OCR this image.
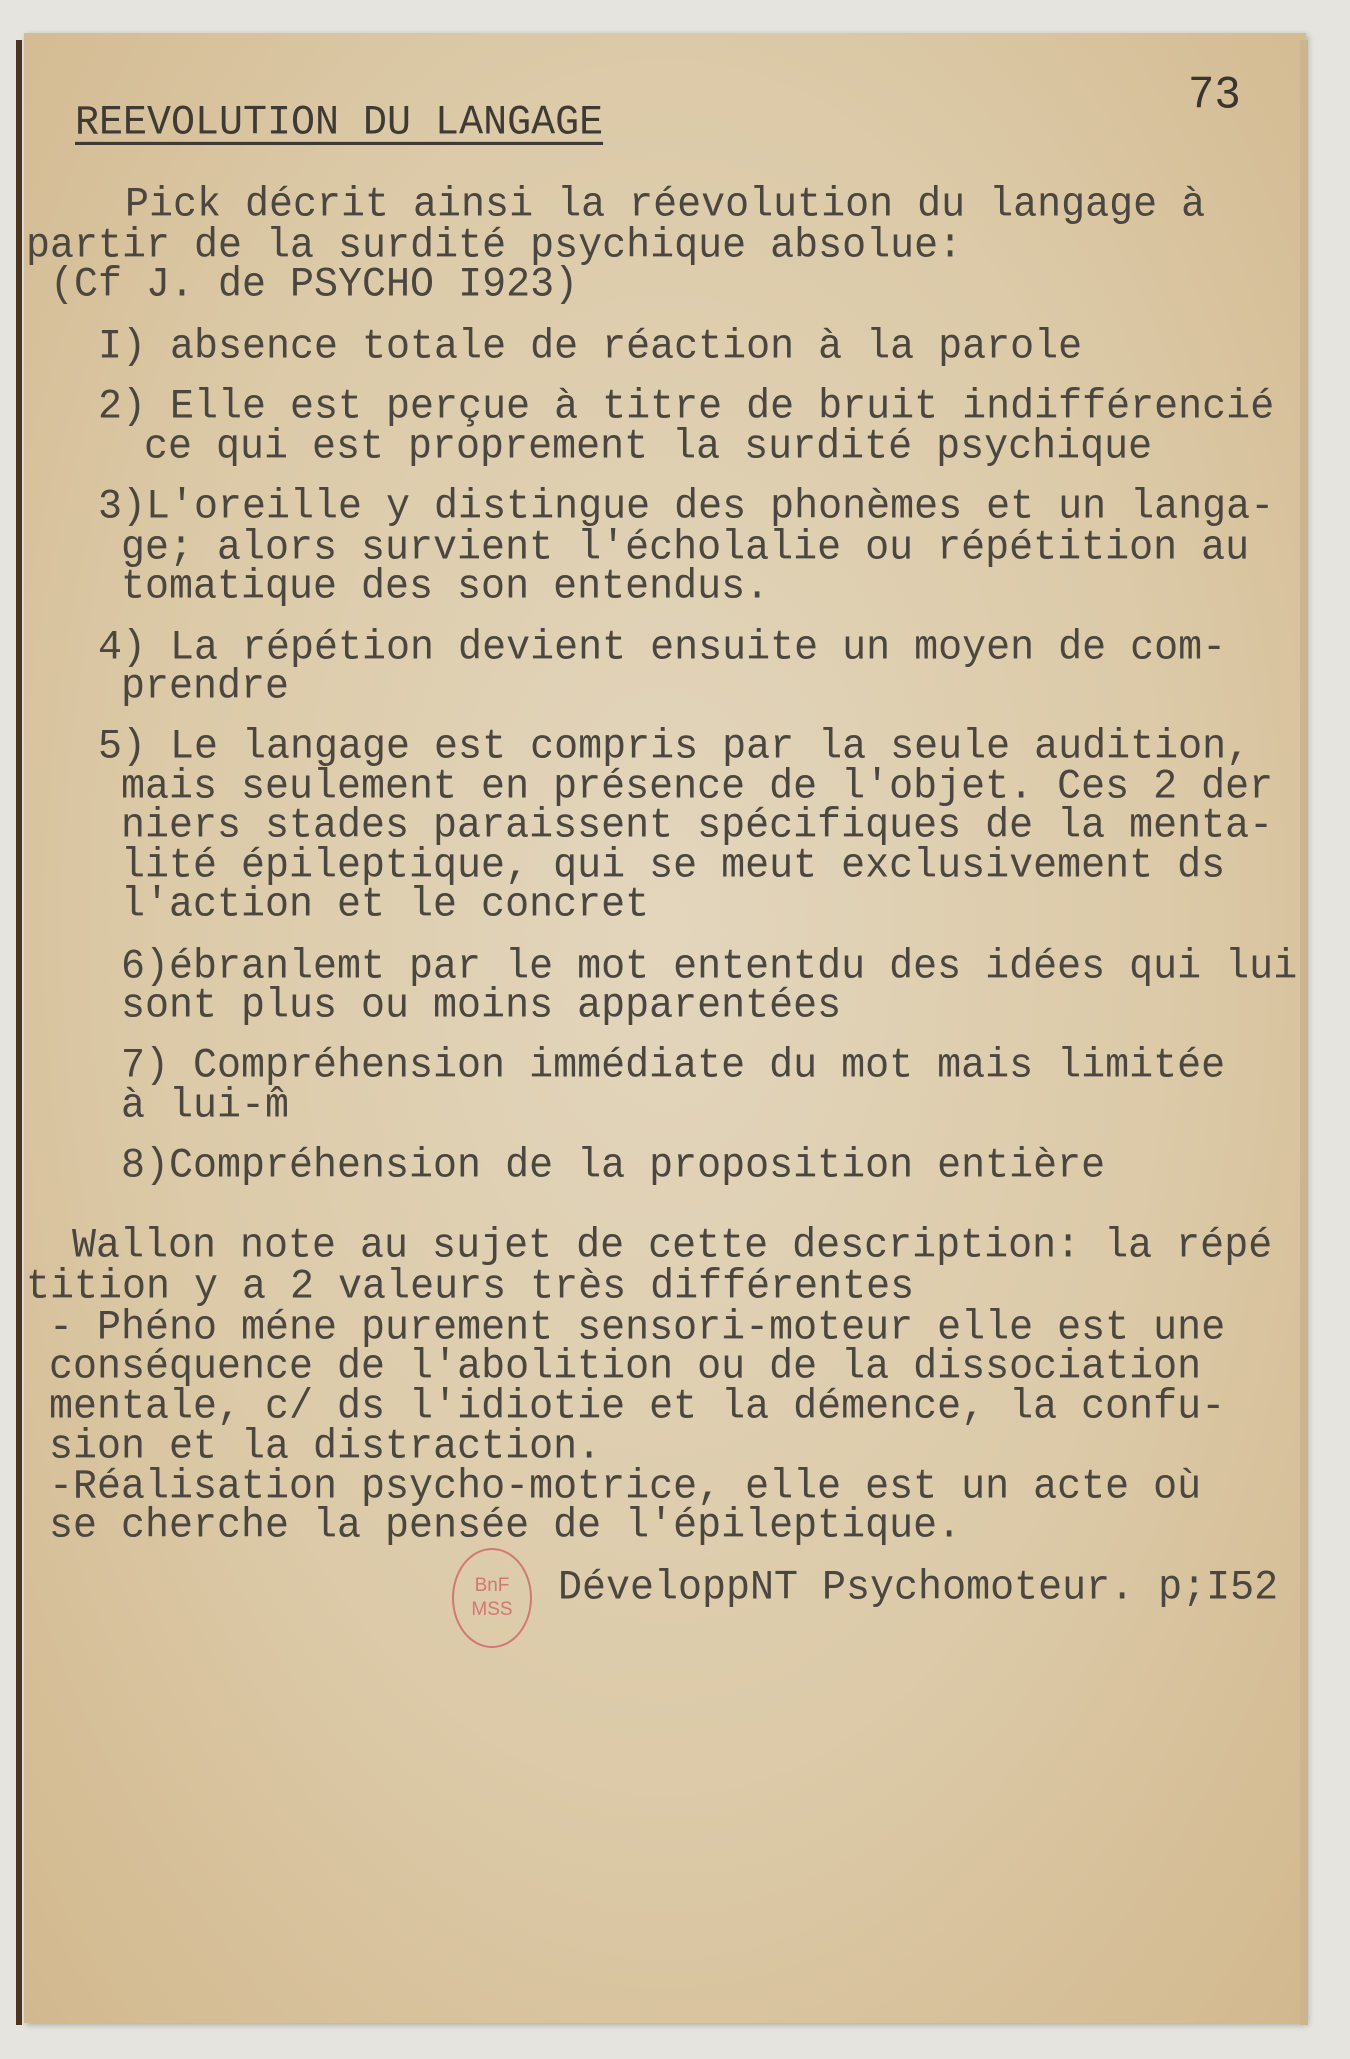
73
REEVOLUTION DU LANGAGE
Pick décrit ainsi la réevolution du langage à
partir de la surdité psychique absolue:
(Cf J. de PSYCHO I923)
I) absence totale de réaction à la parole
2) Elle est perçue à titre de bruit indifférencié
ce qui est proprement la surdité psychique
3)L'oreille y distingue des phonèmes et un langa-
ge; alors survient l'écholalie ou répétition au
tomatique des son entendus.
4) La répétion devient ensuite un moyen de com-
prendre
5) Le langage est compris par la seule audition,
mais seulement en présence de l'objet. Ces 2 der
niers stades paraissent spécifiques de la menta-
lité épileptique, qui se meut exclusivement ds
l'action et le concret
6)ébranlemt par le mot ententdu des idées qui lui
sont plus ou moins apparentées
7) Compréhension immédiate du mot mais limitée
à lui-m̂
8)Compréhension de la proposition entière
Wallon note au sujet de cette description: la répé
tition y a 2 valeurs très différentes
- Phéno méne purement sensori-moteur elle est une
conséquence de l'abolition ou de la dissociation
mentale, c/ ds l'idiotie et la démence, la confu-
sion et la distraction.
-Réalisation psycho-motrice, elle est un acte où
se cherche la pensée de l'épileptique.
BnF
MSS	DéveloppNT Psychomoteur. p;I52
